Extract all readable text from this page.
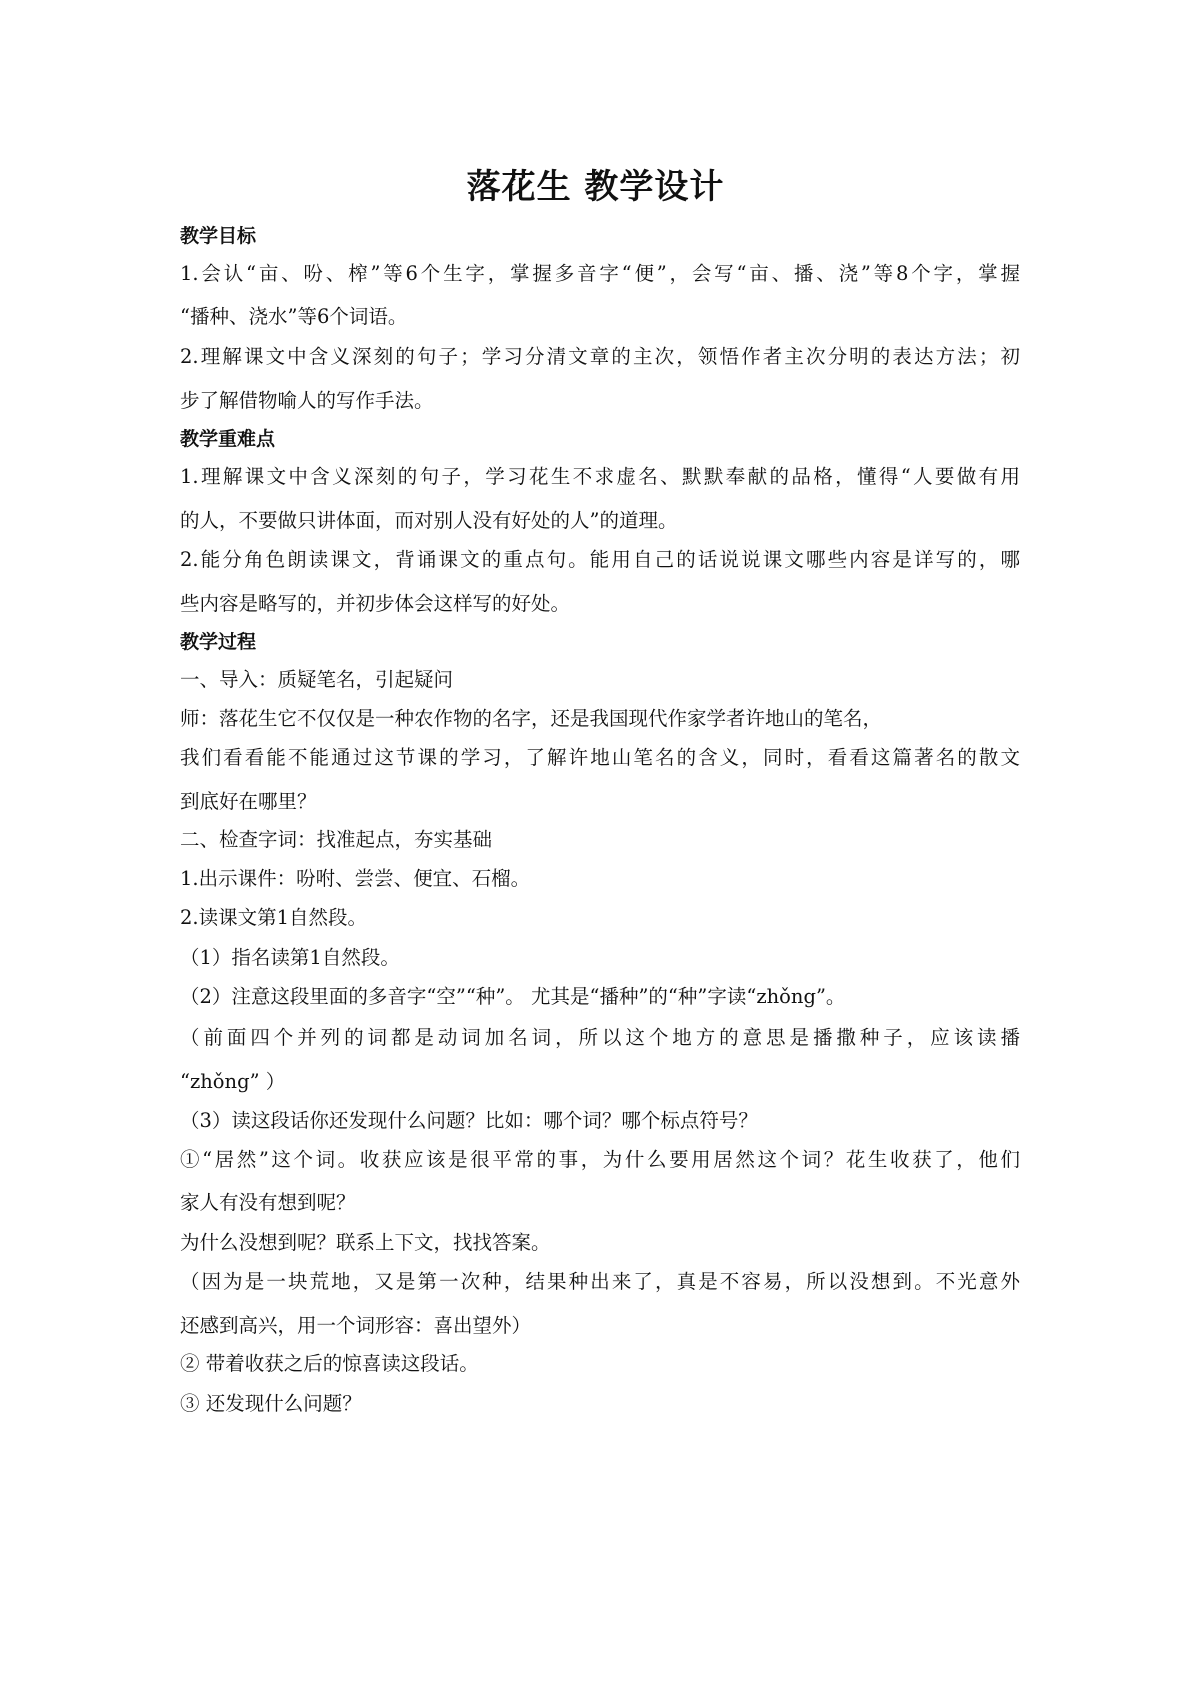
落花生 教学设计
教学目标
1.会认“亩、吩、榨”等6个生字，掌握多音字“便”，会写“亩、播、浇”等8个字，掌握
“播种、浇水”等6个词语。
2.理解课文中含义深刻的句子；学习分清文章的主次，领悟作者主次分明的表达方法；初
步了解借物喻人的写作手法。
教学重难点
1.理解课文中含义深刻的句子，学习花生不求虚名、默默奉献的品格，懂得“人要做有用
的人，不要做只讲体面，而对别人没有好处的人”的道理。
2.能分角色朗读课文，背诵课文的重点句。能用自己的话说说课文哪些内容是详写的，哪
些内容是略写的，并初步体会这样写的好处。
教学过程
一、导入：质疑笔名，引起疑问
师：落花生它不仅仅是一种农作物的名字，还是我国现代作家学者许地山的笔名，
我们看看能不能通过这节课的学习，了解许地山笔名的含义，同时，看看这篇著名的散文
到底好在哪里？
二、检查字词：找准起点，夯实基础
1.出示课件：吩咐、尝尝、便宜、石榴。
2.读课文第1自然段。
（1）指名读第1自然段。
（2）注意这段里面的多音字“空”“种”。 尤其是“播种”的“种”字读“zhǒng”。
（前面四个并列的词都是动词加名词，所以这个地方的意思是播撒种子，应该读播
“zhǒng” ）
（3）读这段话你还发现什么问题？比如：哪个词？哪个标点符号？
①“居然”这个词。收获应该是很平常的事，为什么要用居然这个词？花生收获了，他们
家人有没有想到呢？
为什么没想到呢？联系上下文，找找答案。
（因为是一块荒地，又是第一次种，结果种出来了，真是不容易，所以没想到。不光意外
还感到高兴，用一个词形容：喜出望外）
② 带着收获之后的惊喜读这段话。
③ 还发现什么问题？
